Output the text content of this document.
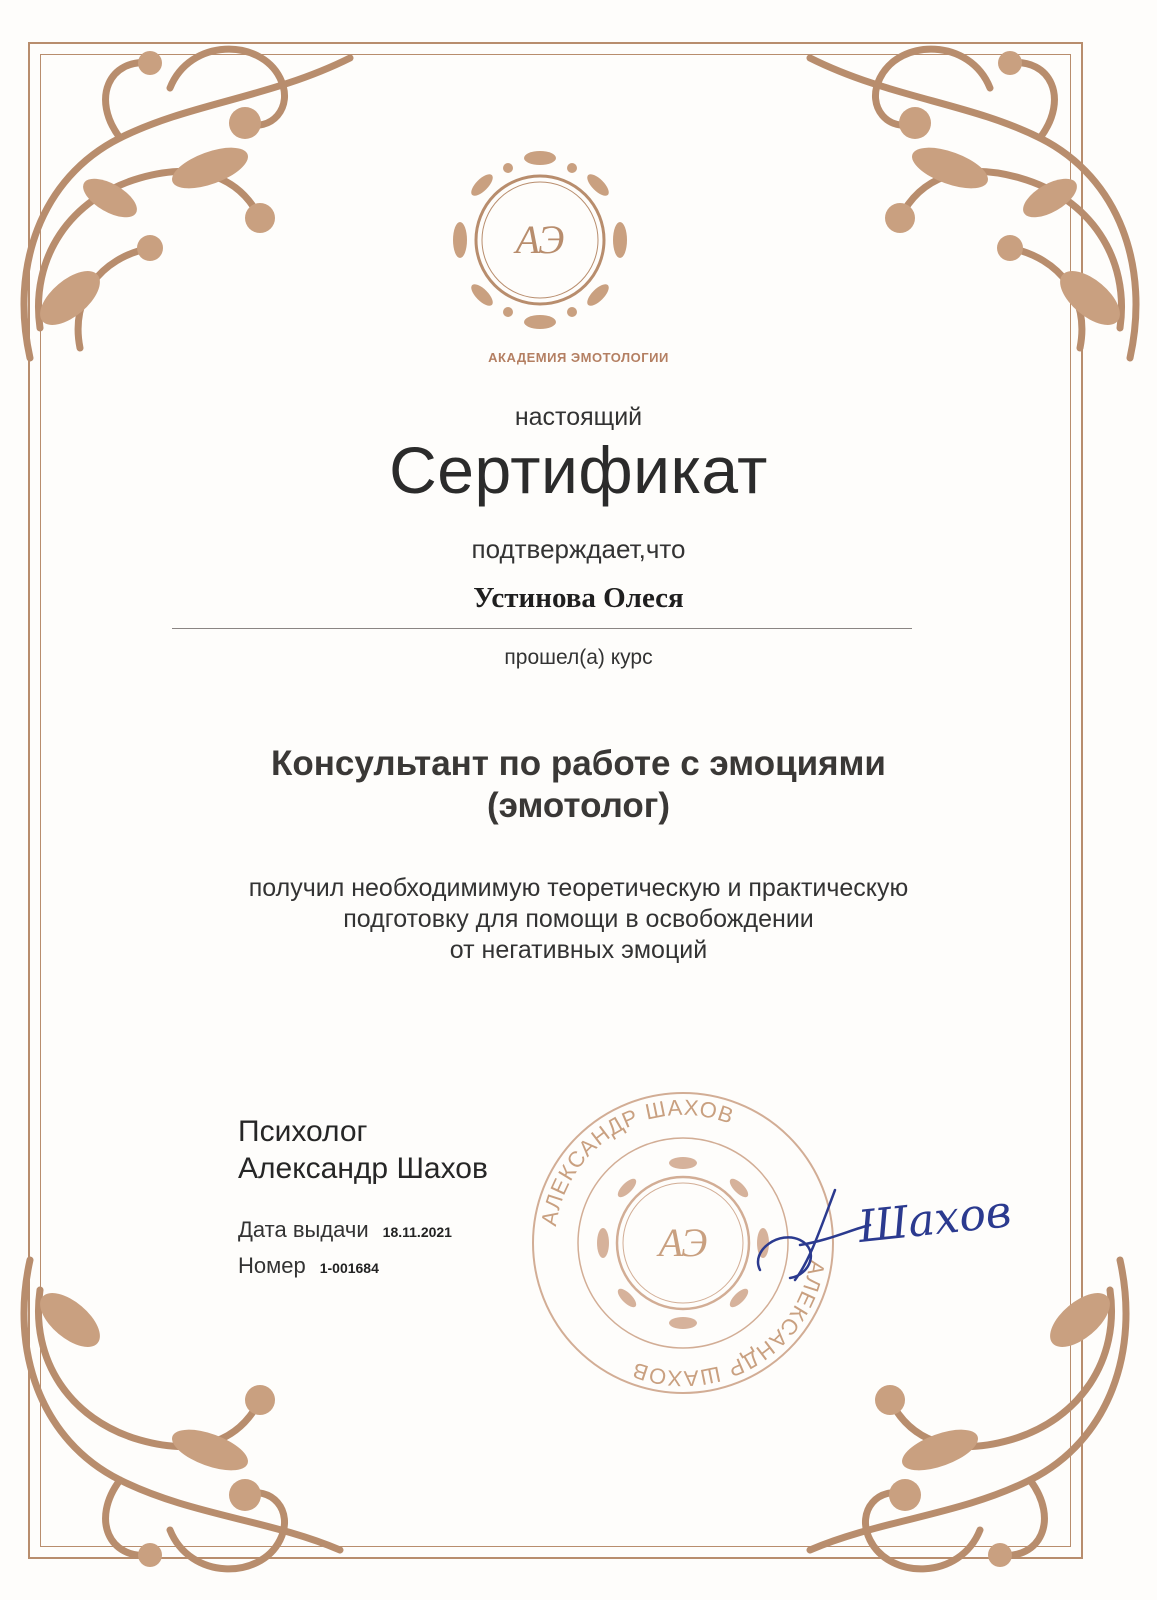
АЭ
АКАДЕМИЯ ЭМОТОЛОГИИ
настоящий
Сертификат
подтверждает,что
Устинова Олеся
прошел(а) курс
Консультант по работе с эмоциями
(эмотолог)
получил необходимимую теоретическую и практическую
подготовку для помощи в освобождении
от негативных эмоций
Психолог
Александр Шахов
Дата выдачи 18.11.2021
Номер 1-001684
АЛЕКСАНДР ШАХОВ
АЛЕКСАНДР ШАХОВ
АЭ	Шахов
